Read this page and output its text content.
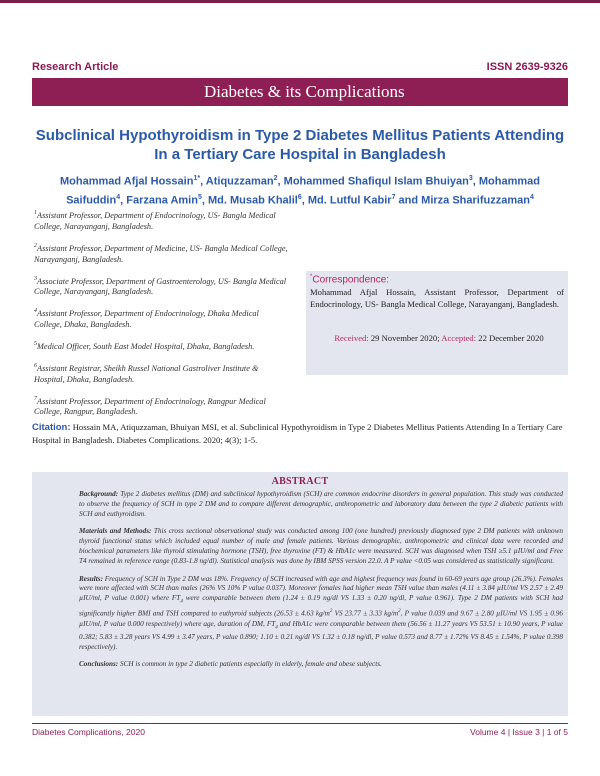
Research Article	ISSN 2639-9326
Diabetes & its Complications
Subclinical Hypothyroidism in Type 2 Diabetes Mellitus Patients Attending In a Tertiary Care Hospital in Bangladesh
Mohammad Afjal Hossain$^{1*}$, Atiquzzaman$^2$, Mohammed Shafiqul Islam Bhuiyan$^3$, Mohammad Saifuddin$^4$, Farzana Amin$^5$, Md. Musab Khalil$^6$, Md. Lutful Kabir$^7$ and Mirza Sharifuzzaman$^4$
$^1$Assistant Professor, Department of Endocrinology, US- Bangla Medical College, Narayanganj, Bangladesh.
$^2$Assistant Professor, Department of Medicine, US- Bangla Medical College, Narayanganj, Bangladesh.
$^3$Associate Professor, Department of Gastroenterology, US- Bangla Medical College, Narayanganj, Bangladesh.
$^4$Assistant Professor, Department of Endocrinology, Dhaka Medical College, Dhaka, Bangladesh.
$^5$Medical Officer, South East Model Hospital, Dhaka, Bangladesh.
$^6$Assistant Registrar, Sheikh Russel National Gastroliver Institute & Hospital, Dhaka, Bangladesh.
$^7$Assistant Professor, Department of Endocrinology, Rangpur Medical College, Rangpur, Bangladesh.
*Correspondence:
Mohammad Afjal Hossain, Assistant Professor, Department of Endocrinology, US- Bangla Medical College, Narayanganj, Bangladesh.
Received: 29 November 2020; Accepted: 22 December 2020
Citation: Hossain MA, Atiquzzaman, Bhuiyan MSI, et al. Subclinical Hypothyroidism in Type 2 Diabetes Mellitus Patients Attending In a Tertiary Care Hospital in Bangladesh. Diabetes Complications. 2020; 4(3); 1-5.
ABSTRACT

Background: Type 2 diabetes mellitus (DM) and subclinical hypothyroidism (SCH) are common endocrine disorders in general population. This study was conducted to observe the frequency of SCH in type 2 DM and to compare different demographic, anthropometric and laboratory data between the type 2 diabetic patients with SCH and euthyroidism.

Materials and Methods: This cross sectional observational study was conducted among 100 (one hundred) previously diagnosed type 2 DM patients with unknown thyroid functional status which included equal number of male and female patients. Various demographic, anthropometric and clinical data were recorded and biochemical parameters like thyroid stimulating hormone (TSH), free thyroxine (FT) & HbA1c were measured. SCH was diagnosed when TSH ≥5.1 µIU/ml and Free T4 remained in reference range (0.83-1.8 ng/dl). Statistical analysis was done by IBM SPSS version 22.0. A P value <0.05 was considered as statistically significant.

Results: Frequency of SCH in Type 2 DM was 18%. Frequency of SCH increased with age and highest frequency was found in 60-69 years age group (26.3%). Females were more affected with SCH than males (26% VS 10% P value 0.037). Moreover females had higher mean TSH value than males (4.11 ± 3.84 µIU/ml VS 2.57 ± 2.49 µIU/ml, P value 0.001) where $FT_4$ were comparable between them (1.24 ± 0.19 ng/dl VS 1.33 ± 0.20 ng/dl, P value 0.961). Type 2 DM patients with SCH had significantly higher BMI and TSH compared to euthyroid subjects (26.53 ± 4.63 $kg/m^2$ VS 23.77 ± 3.33 $kg/m^2$, P value 0.039 and 9.67 ± 2.80 µIU/ml VS 1.95 ± 0.96 µIU/ml, P value 0.000 respectively) where age, duration of DM, $FT_4$ and HbA1c were comparable between them (56.56 ± 11.27 years VS 53.51 ± 10.90 years, P value 0.382; 5.83 ± 3.28 years VS 4.99 ± 3.47 years, P value 0.890; 1.10 ± 0.21 ng/dl VS 1.32 ± 0.18 ng/dl, P value 0.573 and 8.77 ± 1.72% VS 8.45 ± 1.54%, P value 0.398 respectively).

Conclusions: SCH is common in type 2 diabetic patients especially in elderly, female and obese subjects.

Diabetes Complications, 2020	Volume 4 | Issue 3 | 1 of 5
